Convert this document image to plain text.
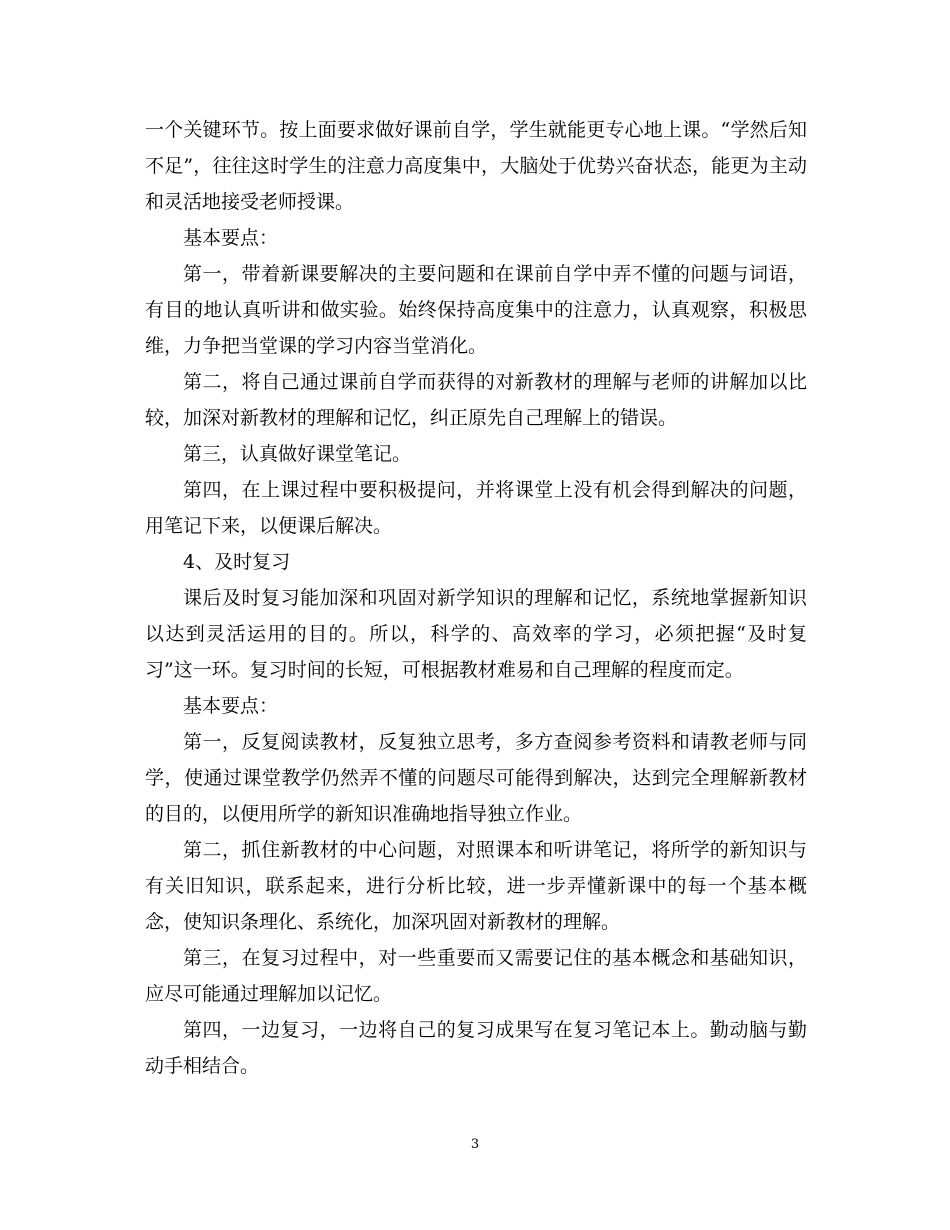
一个关键环节。按上面要求做好课前自学，学生就能更专心地上课。“学然后知不足”，往往这时学生的注意力高度集中，大脑处于优势兴奋状态，能更为主动和灵活地接受老师授课。

基本要点：

第一，带着新课要解决的主要问题和在课前自学中弄不懂的问题与词语，有目的地认真听讲和做实验。始终保持高度集中的注意力，认真观察，积极思维，力争把当堂课的学习内容当堂消化。

第二，将自己通过课前自学而获得的对新教材的理解与老师的讲解加以比较，加深对新教材的理解和记忆，纠正原先自己理解上的错误。

第三，认真做好课堂笔记。

第四，在上课过程中要积极提问，并将课堂上没有机会得到解决的问题，用笔记下来，以便课后解决。

4、及时复习

课后及时复习能加深和巩固对新学知识的理解和记忆，系统地掌握新知识以达到灵活运用的目的。所以，科学的、高效率的学习，必须把握“及时复习”这一环。复习时间的长短，可根据教材难易和自己理解的程度而定。

基本要点：

第一，反复阅读教材，反复独立思考，多方查阅参考资料和请教老师与同学，使通过课堂教学仍然弄不懂的问题尽可能得到解决，达到完全理解新教材的目的，以便用所学的新知识准确地指导独立作业。

第二，抓住新教材的中心问题，对照课本和听讲笔记，将所学的新知识与有关旧知识，联系起来，进行分析比较，进一步弄懂新课中的每一个基本概念，使知识条理化、系统化，加深巩固对新教材的理解。

第三，在复习过程中，对一些重要而又需要记住的基本概念和基础知识，应尽可能通过理解加以记忆。

第四，一边复习，一边将自己的复习成果写在复习笔记本上。勤动脑与勤动手相结合。

3
